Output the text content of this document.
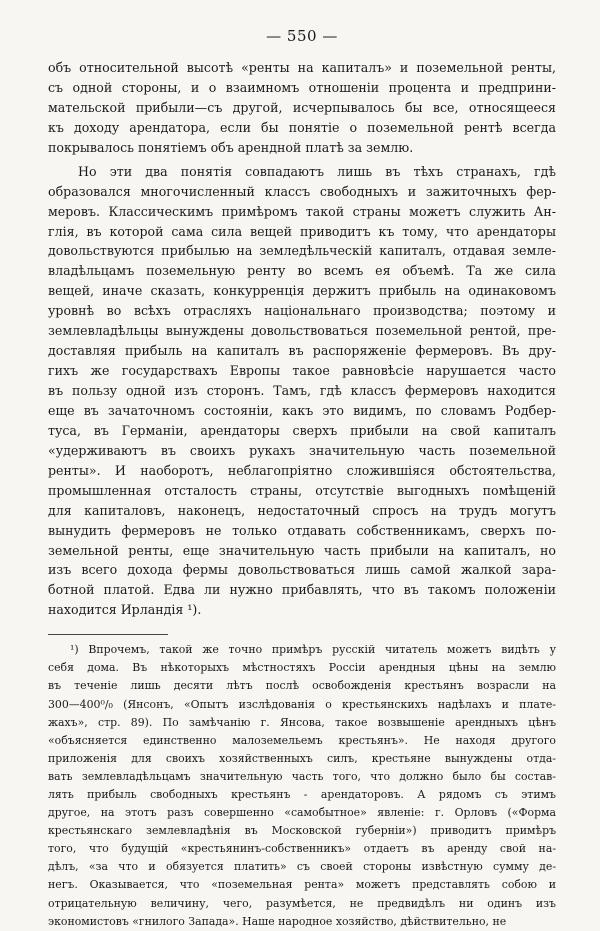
— 550 —
объ относительной высотѣ «ренты на капиталъ» и поземельной ренты,
съ одной стороны, и о взаимномъ отношеніи процента и предприни-
мательской прибыли—съ другой, исчерпывалось бы все, относящееся
къ доходу арендатора, если бы понятіе о поземельной рентѣ всегда
покрывалось понятіемъ объ арендной платѣ за землю.
Но эти два понятія совпадаютъ лишь въ тѣхъ странахъ, гдѣ
образовался многочисленный классъ свободныхъ и зажиточныхъ фер-
меровъ. Классическимъ примѣромъ такой страны можетъ служить Ан-
глія, въ которой сама сила вещей приводитъ къ тому, что арендаторы
довольствуются прибылью на земледѣльческій капиталъ, отдавая земле-
владѣльцамъ поземельную ренту во всемъ ея объемѣ. Та же сила
вещей, иначе сказать, конкурренція держитъ прибыль на одинаковомъ
уровнѣ во всѣхъ отрасляхъ національнаго производства; поэтому и
землевладѣльцы вынуждены довольствоваться поземельной рентой, пре-
доставляя прибыль на капиталъ въ распоряженіе фермеровъ. Въ дру-
гихъ же государствахъ Европы такое равновѣсіе нарушается часто
въ пользу одной изъ сторонъ. Тамъ, гдѣ классъ фермеровъ находится
еще въ зачаточномъ состояніи, какъ это видимъ, по словамъ Родбер-
туса, въ Германіи, арендаторы сверхъ прибыли на свой капиталъ
«удерживаютъ въ своихъ рукахъ значительную часть поземельной
ренты». И наоборотъ, неблагопріятно сложившіяся обстоятельства,
промышленная отсталость страны, отсутствіе выгодныхъ помѣщеній
для капиталовъ, наконецъ, недостаточный спросъ на трудъ могутъ
вынудить фермеровъ не только отдавать собственникамъ, сверхъ по-
земельной ренты, еще значительную часть прибыли на капиталъ, но
изъ всего дохода фермы довольствоваться лишь самой жалкой зара-
ботной платой. Едва ли нужно прибавлять, что въ такомъ положеніи
находится Ирландія ¹).
¹) Впрочемъ, такой же точно примѣръ русскій читатель можетъ видѣть у
себя дома. Въ нѣкоторыхъ мѣстностяхъ Россіи арендныя цѣны на землю
въ теченіе лишь десяти лѣтъ послѣ освобожденія крестьянъ возрасли на
300—400⁰/₀ (Янсонъ, «Опытъ изслѣдованія о крестьянскихъ надѣлахъ и платe-
жахъ», стр. 89). По замѣчанію г. Янсова, такое возвышеніе арендныхъ цѣнъ
«объясняется единственно малоземельемъ крестьянъ». Не находя другого
приложенія для своихъ хозяйственныхъ силъ, крестьяне вынуждены отда-
вать землевладѣльцамъ значительную часть того, что должно было бы состав-
лять прибыль свободныхъ крестьянъ - арендаторовъ. А рядомъ съ этимъ
другое, на этотъ разъ совершенно «самобытное» явленіе: г. Орловъ («Форма
крестьянскаго землевладѣнія въ Московской губерніи») приводитъ примѣръ
того, что будущій «крестьянинъ-собственникъ» отдаетъ въ аренду свой на-
дѣлъ, «за что и обязуется платить» съ своей стороны извѣстную сумму де-
негъ. Оказывается, что «поземельная рента» можетъ представлять собою и
отрицательную величину, чего, разумѣется, не предвидѣлъ ни одинъ изъ
экономистовъ «гнилого Запада». Наше народное хозяйство, дѣйствительно, не
